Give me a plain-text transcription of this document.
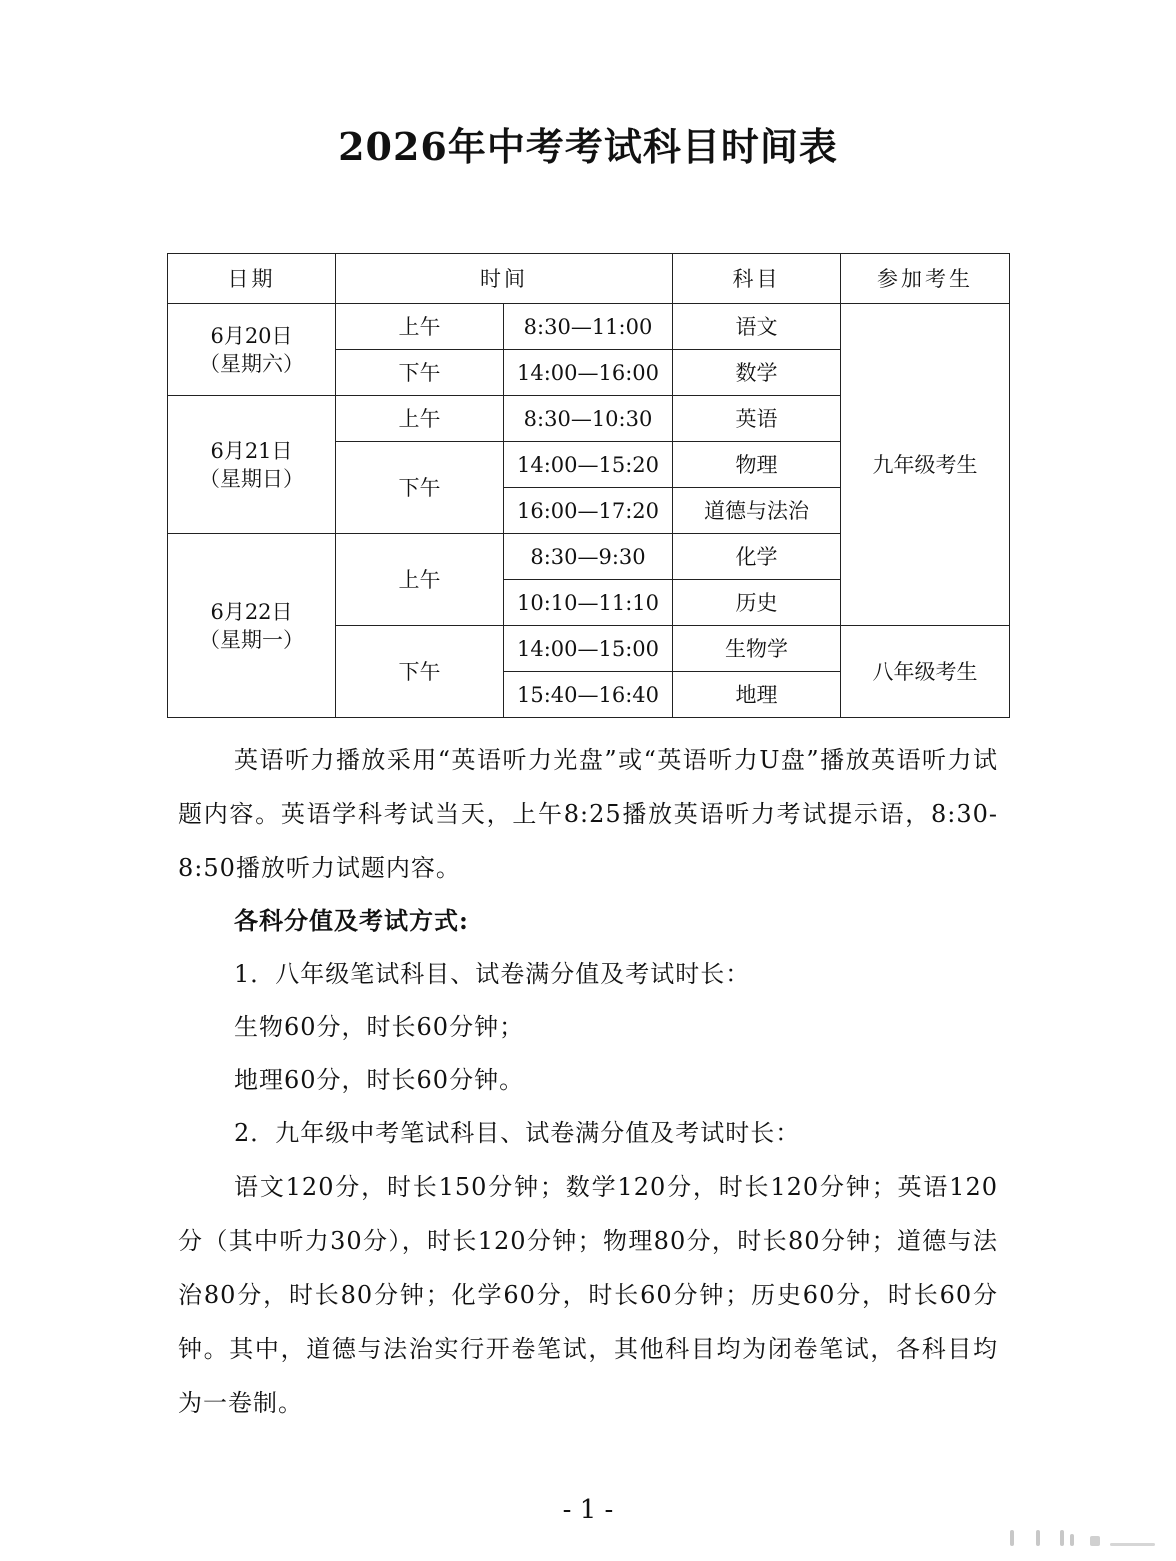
2026年中考考试科目时间表
日期	时间		科目	参加考生

6月20日
（星期六）	上午	8:30—11:00	语文	九年级考生
	下午	14:00—16:00	数学	

6月21日
（星期日）	上午	8:30—10:30	英语	
	下午	14:00—15:20	物理	
		16:00—17:20	道德与法治	

6月22日
（星期一）	上午	8:30—9:30	化学	
		10:10—11:10	历史	
	下午	14:00—15:00	生物学	八年级考生
		15:40—16:40	地理	

英语听力播放采用“英语听力光盘”或“英语听力U盘”播放英语听力试题内容。英语学科考试当天，上午8:25播放英语听力考试提示语，8:30-8:50播放听力试题内容。

各科分值及考试方式:

1．八年级笔试科目、试卷满分值及考试时长：

生物60分，时长60分钟；

地理60分，时长60分钟。

2．九年级中考笔试科目、试卷满分值及考试时长：

语文120分，时长150分钟；数学120分，时长120分钟；英语120分（其中听力30分），时长120分钟；物理80分，时长80分钟；道德与法治80分，时长80分钟；化学60分，时长60分钟；历史60分，时长60分钟。其中，道德与法治实行开卷笔试，其他科目均为闭卷笔试，各科目均为一卷制。

- 1 -
